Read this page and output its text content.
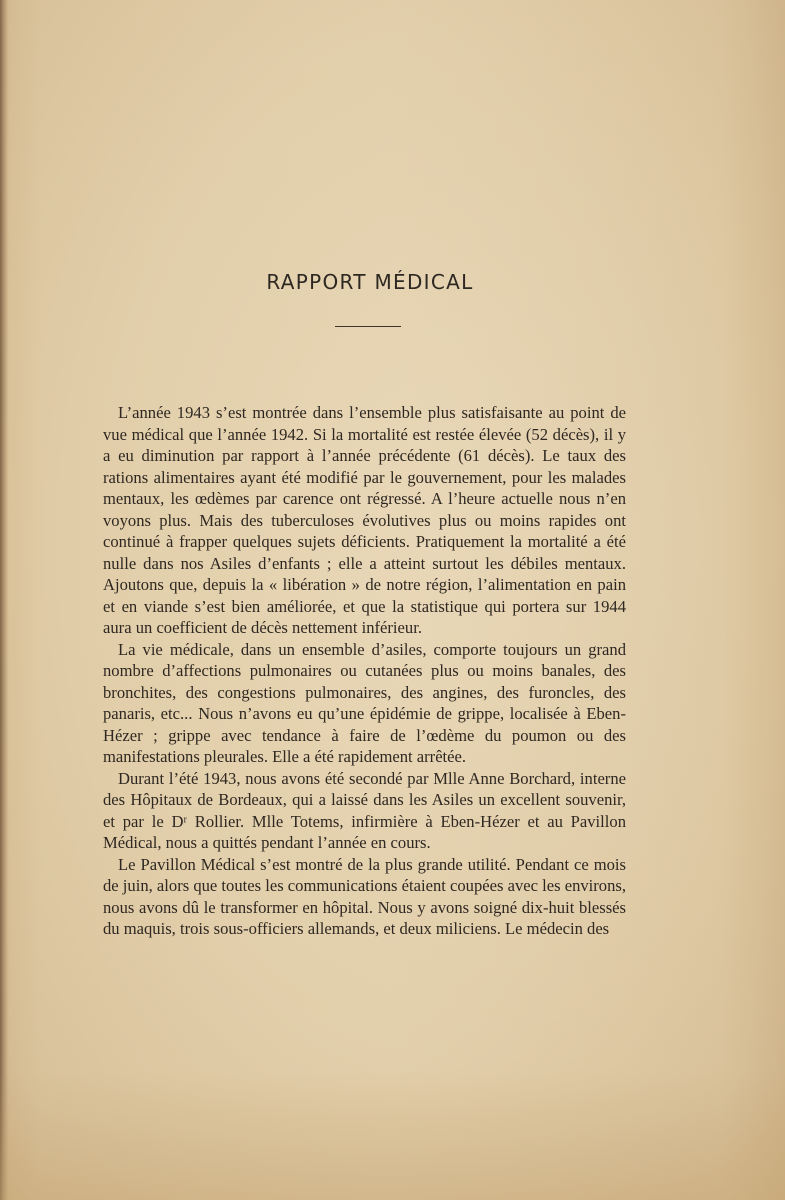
RAPPORT MÉDICAL

L’année 1943 s’est montrée dans l’ensemble plus satisfaisante au point de vue médical que l’année 1942. Si la mortalité est restée élevée (52 décès), il y a eu diminution par rapport à l’année précédente (61 décès). Le taux des rations alimentaires ayant été modifié par le gouvernement, pour les malades mentaux, les œdèmes par carence ont régressé. A l’heure actuelle nous n’en voyons plus. Mais des tuberculoses évolutives plus ou moins rapides ont continué à frapper quelques sujets déficients. Pratiquement la mortalité a été nulle dans nos Asiles d’enfants ; elle a atteint surtout les débiles mentaux. Ajoutons que, depuis la « libération » de notre région, l’alimentation en pain et en viande s’est bien améliorée, et que la statistique qui portera sur 1944 aura un coefficient de décès nettement inférieur.

La vie médicale, dans un ensemble d’asiles, comporte toujours un grand nombre d’affections pulmonaires ou cutanées plus ou moins banales, des bronchites, des congestions pulmonaires, des angines, des furoncles, des panaris, etc... Nous n’avons eu qu’une épidémie de grippe, localisée à Eben-Hézer ; grippe avec tendance à faire de l’œdème du poumon ou des manifestations pleurales. Elle a été rapidement arrêtée.

Durant l’été 1943, nous avons été secondé par Mlle Anne Borchard, interne des Hôpitaux de Bordeaux, qui a laissé dans les Asiles un excellent souvenir, et par le Dʳ Rollier. Mlle Totems, infirmière à Eben-Hézer et au Pavillon Médical, nous a quittés pendant l’année en cours.

Le Pavillon Médical s’est montré de la plus grande utilité. Pendant ce mois de juin, alors que toutes les communications étaient coupées avec les environs, nous avons dû le transformer en hôpital. Nous y avons soigné dix-huit blessés du maquis, trois sous-officiers allemands, et deux miliciens. Le médecin des
